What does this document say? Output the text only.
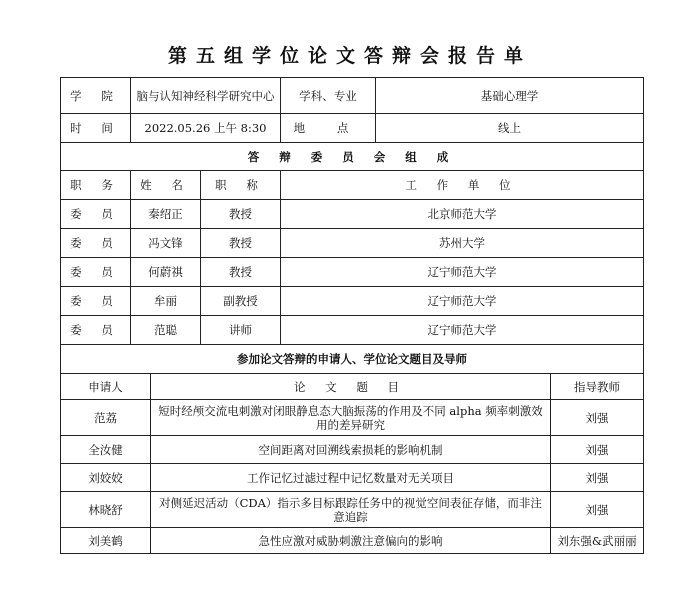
第五组学位论文答辩会报告单
学 院	脑与认知神经科学研究中心			学科、专业	基础心理学	
时 间	2022.05.26 上午 8:30			地 点	线上	
答 辩 委 员 会 组 成						
职 务	姓 名		职 称	工 作 单 位		
委 员	秦绍正		教授	北京师范大学		
委 员	冯文锋		教授	苏州大学		
委 员	何蔚祺		教授	辽宁师范大学		
委 员	牟丽		副教授	辽宁师范大学		
委 员	范聪		讲师	辽宁师范大学		
参加论文答辩的申请人、学位论文题目及导师						
申请人		论 文 题 目				指导教师
范荔		短时经颅交流电刺激对闭眼静息态大脑振荡的作用及不同 alpha 频率刺激效用的差异研究				刘强
全汝健		空间距离对回溯线索损耗的影响机制				刘强
刘姣姣		工作记忆过滤过程中记忆数量对无关项目				刘强
林晓舒		对侧延迟活动（CDA）指示多目标跟踪任务中的视觉空间表征存储，而非注意追踪				刘强
刘美鹤		急性应激对威胁刺激注意偏向的影响				刘东强&武丽丽
